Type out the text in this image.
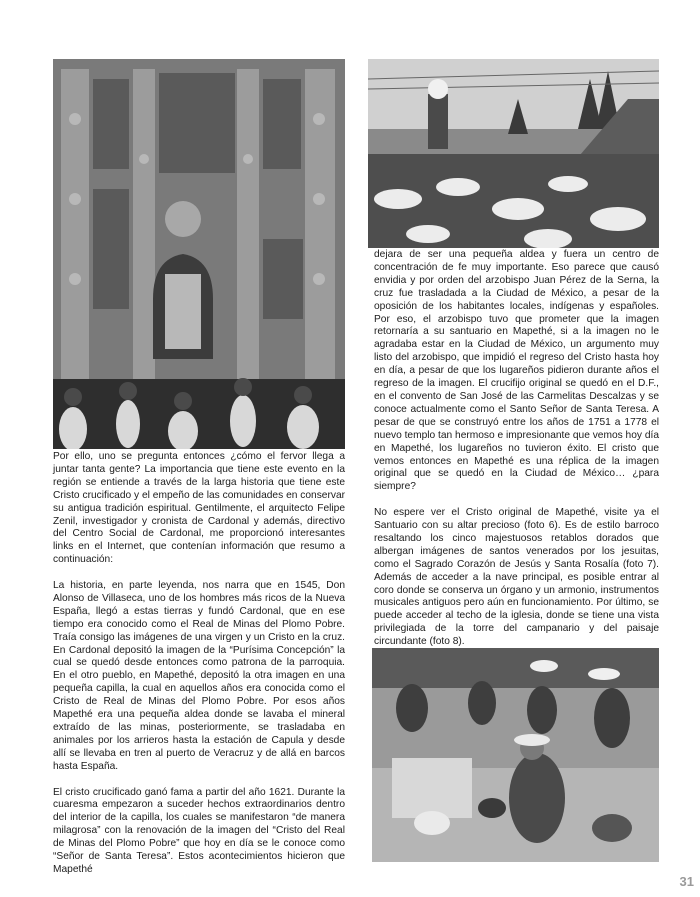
Por ello, uno se pregunta entonces ¿cómo el fervor llega a juntar tanta gente? La importancia que tiene este evento en la región se entiende a través de la larga historia que tiene este Cristo crucificado y el empeño de las comunidades en conservar su antigua tradición espiritual. Gentilmente, el arquitecto Felipe Zenil, investigador y cronista de Cardonal y además, directivo del Centro Social de Cardonal, me proporcionó interesantes links en el Internet, que contenían información que resumo a continuación:

La historia, en parte leyenda, nos narra que en 1545, Don Alonso de Villaseca, uno de los hombres más ricos de la Nueva España, llegó a estas tierras y fundó Cardonal, que en ese tiempo era conocido como el Real de Minas del Plomo Pobre. Traía consigo las imágenes de una virgen y un Cristo en la cruz. En Cardonal depositó la imagen de la “Purísima Concepción” la cual se quedó desde entonces como patrona de la parroquia. En el otro pueblo, en Mapethé, depositó la otra imagen en una pequeña capilla, la cual en aquellos años era conocida como el Cristo de Real de Minas del Plomo Pobre. Por esos años Mapethé era una pequeña aldea donde se lavaba el mineral extraído de las minas, posteriormente, se trasladaba en animales por los arrieros hasta la estación de Capula y desde allí se llevaba en tren al puerto de Veracruz y de allá en barcos hasta España.

El cristo crucificado ganó fama a partir del año 1621. Durante la cuaresma empezaron a suceder hechos extraordinarios dentro del interior de la capilla, los cuales se manifestaron “de manera milagrosa” con la renovación de la imagen del “Cristo del Real de Minas del Plomo Pobre” que hoy en día se le conoce como “Señor de Santa Teresa”. Estos acontecimientos hicieron que Mapethé

dejara de ser una pequeña aldea y fuera un centro de concentración de fe muy importante. Eso parece que causó envidia y por orden del arzobispo Juan Pérez de la Serna, la cruz fue trasladada a la Ciudad de México, a pesar de la oposición de los habitantes locales, indígenas y españoles. Por eso, el arzobispo tuvo que prometer que la imagen retornaría a su santuario en Mapethé, si a la imagen no le agradaba estar en la Ciudad de México, un argumento muy listo del arzobispo, que impidió el regreso del Cristo hasta hoy en día, a pesar de que los lugareños pidieron durante años el regreso de la imagen. El crucifijo original se quedó en el D.F., en el convento de San José de las Carmelitas Descalzas y se conoce actualmente como el Santo Señor de Santa Teresa. A pesar de que se construyó entre los años de 1751 a 1778 el nuevo templo tan hermoso e impresionante que vemos hoy día en Mapethé, los lugareños no tuvieron éxito. El cristo que vemos entonces en Mapethé es una réplica de la imagen original que se quedó en la Ciudad de México… ¿para siempre?

No espere ver el Cristo original de Mapethé, visite ya el Santuario con su altar precioso (foto 6). Es de estilo barroco resaltando los cinco majestuosos retablos dorados que albergan imágenes de santos venerados por los jesuitas, como el Sagrado Corazón de Jesús y Santa Rosalía (foto 7). Además de acceder a la nave principal, es posible entrar al coro donde se conserva un órgano y un armonio, instrumentos musicales antiguos pero aún en funcionamiento. Por último, se puede acceder al techo de la iglesia, donde se tiene una vista privilegiada de la torre del campanario y del paisaje circundante (foto 8).

31
